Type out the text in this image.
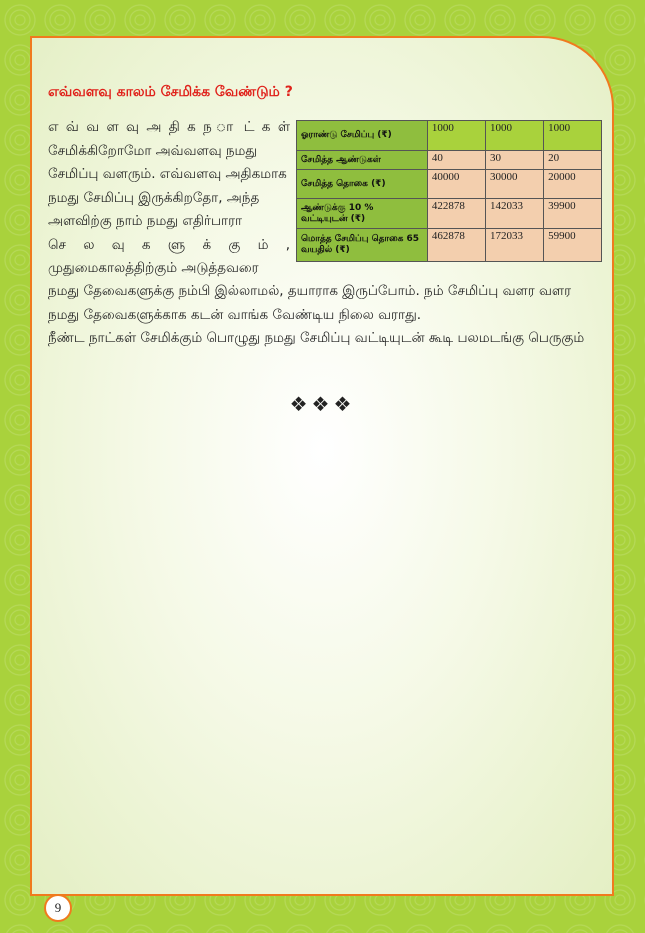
எவ்வளவு காலம் சேமிக்க வேண்டும் ?
எ வ் வ ள வு அ தி க ந ா ட் க ள்
சேமிக்கிறோமோ அவ்வளவு நமது
சேமிப்பு வளரும். எவ்வளவு அதிகமாக
நமது சேமிப்பு இருக்கிறதோ, அந்த
அளவிற்கு நாம் நமது எதிர்பாரா
செ ல வு க ளு க் கு ம் ,
முதுமைகாலத்திற்கும் அடுத்தவரை
ஓராண்டு சேமிப்பு (₹)	1000	1000	1000
சேமித்த ஆண்டுகள்	40	30	20
சேமித்த தொகை (₹)	40000	30000	20000
ஆண்டுக்கு 10 % வட்டியுடன் (₹)	422878	142033	39900
மொத்த சேமிப்பு தொகை 65 வயதில் (₹)	462878	172033	59900

நமது தேவைகளுக்கு நம்பி இல்லாமல், தயாராக இருப்போம். நம் சேமிப்பு வளர வளர நமது தேவைகளுக்காக கடன் வாங்க வேண்டிய நிலை வராது.

நீண்ட நாட்கள் சேமிக்கும் பொழுது நமது சேமிப்பு வட்டியுடன் கூடி பலமடங்கு பெருகும்

❖❖❖
9
